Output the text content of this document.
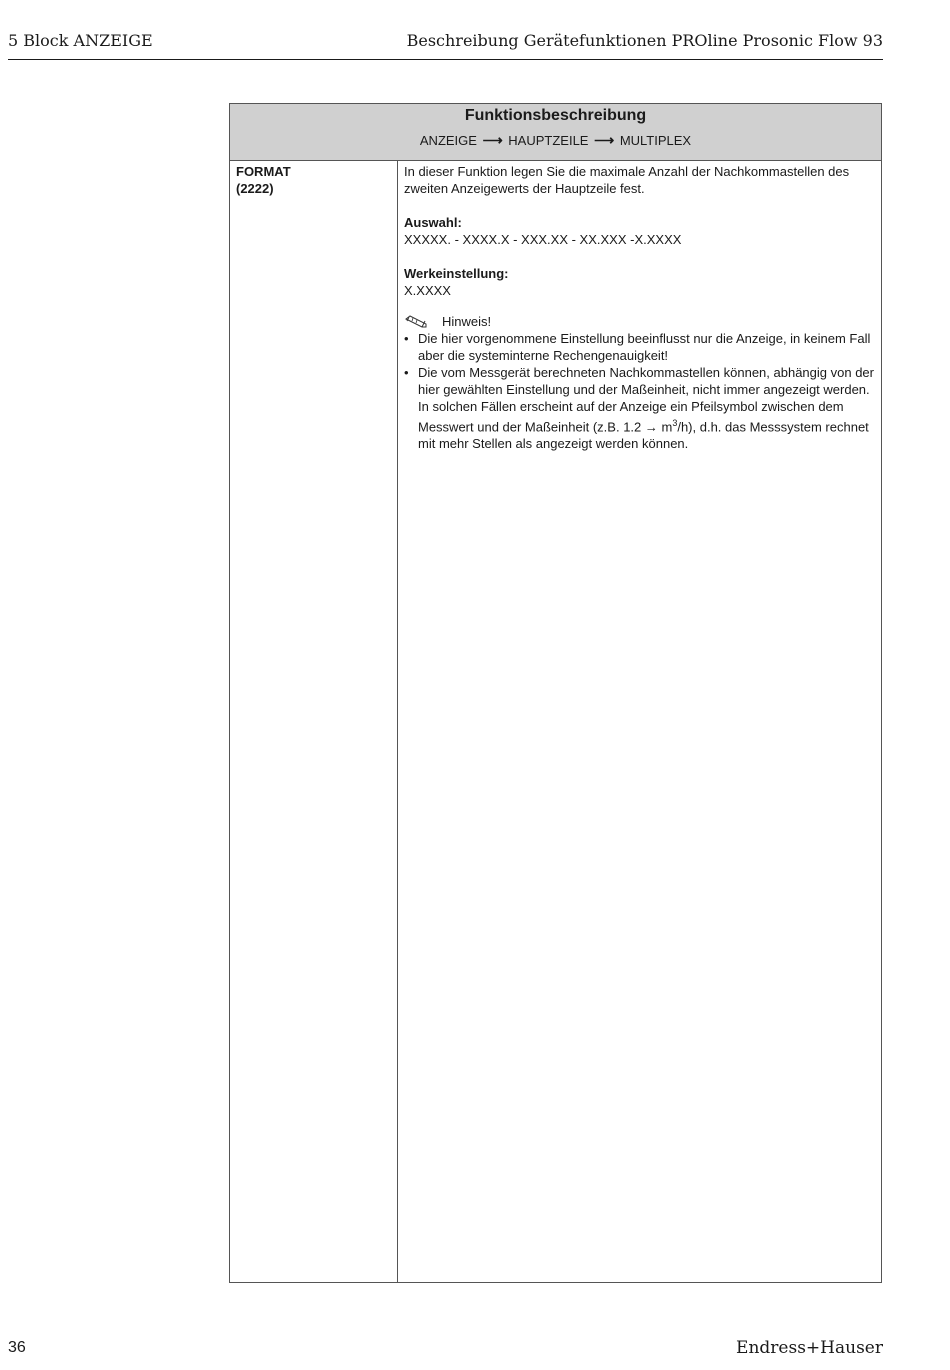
5 Block ANZEIGE	Beschreibung Gerätefunktionen PROline Prosonic Flow 93
Funktionsbeschreibung
ANZEIGE ⟶ HAUPTZEILE ⟶ MULTIPLEX
FORMAT
(2222)

In dieser Funktion legen Sie die maximale Anzahl der Nachkommastellen des zweiten Anzeigewerts der Hauptzeile fest.

Auswahl:

XXXXX. - XXXX.X - XXX.XX - XX.XXX -X.XXXX

Werkeinstellung:

X.XXXX

Hinweis!
• Die hier vorgenommene Einstellung beeinflusst nur die Anzeige, in keinem Fall aber die systeminterne Rechengenauigkeit!
• Die vom Messgerät berechneten Nachkommastellen können, abhängig von der hier gewählten Einstellung und der Maßeinheit, nicht immer angezeigt werden. In solchen Fällen erscheint auf der Anzeige ein Pfeilsymbol zwischen dem Messwert und der Maßeinheit (z.B. $1.2 \to m^3/h$), d.h. das Messsystem rechnet mit mehr Stellen als angezeigt werden können.
36	Endress+Hauser
